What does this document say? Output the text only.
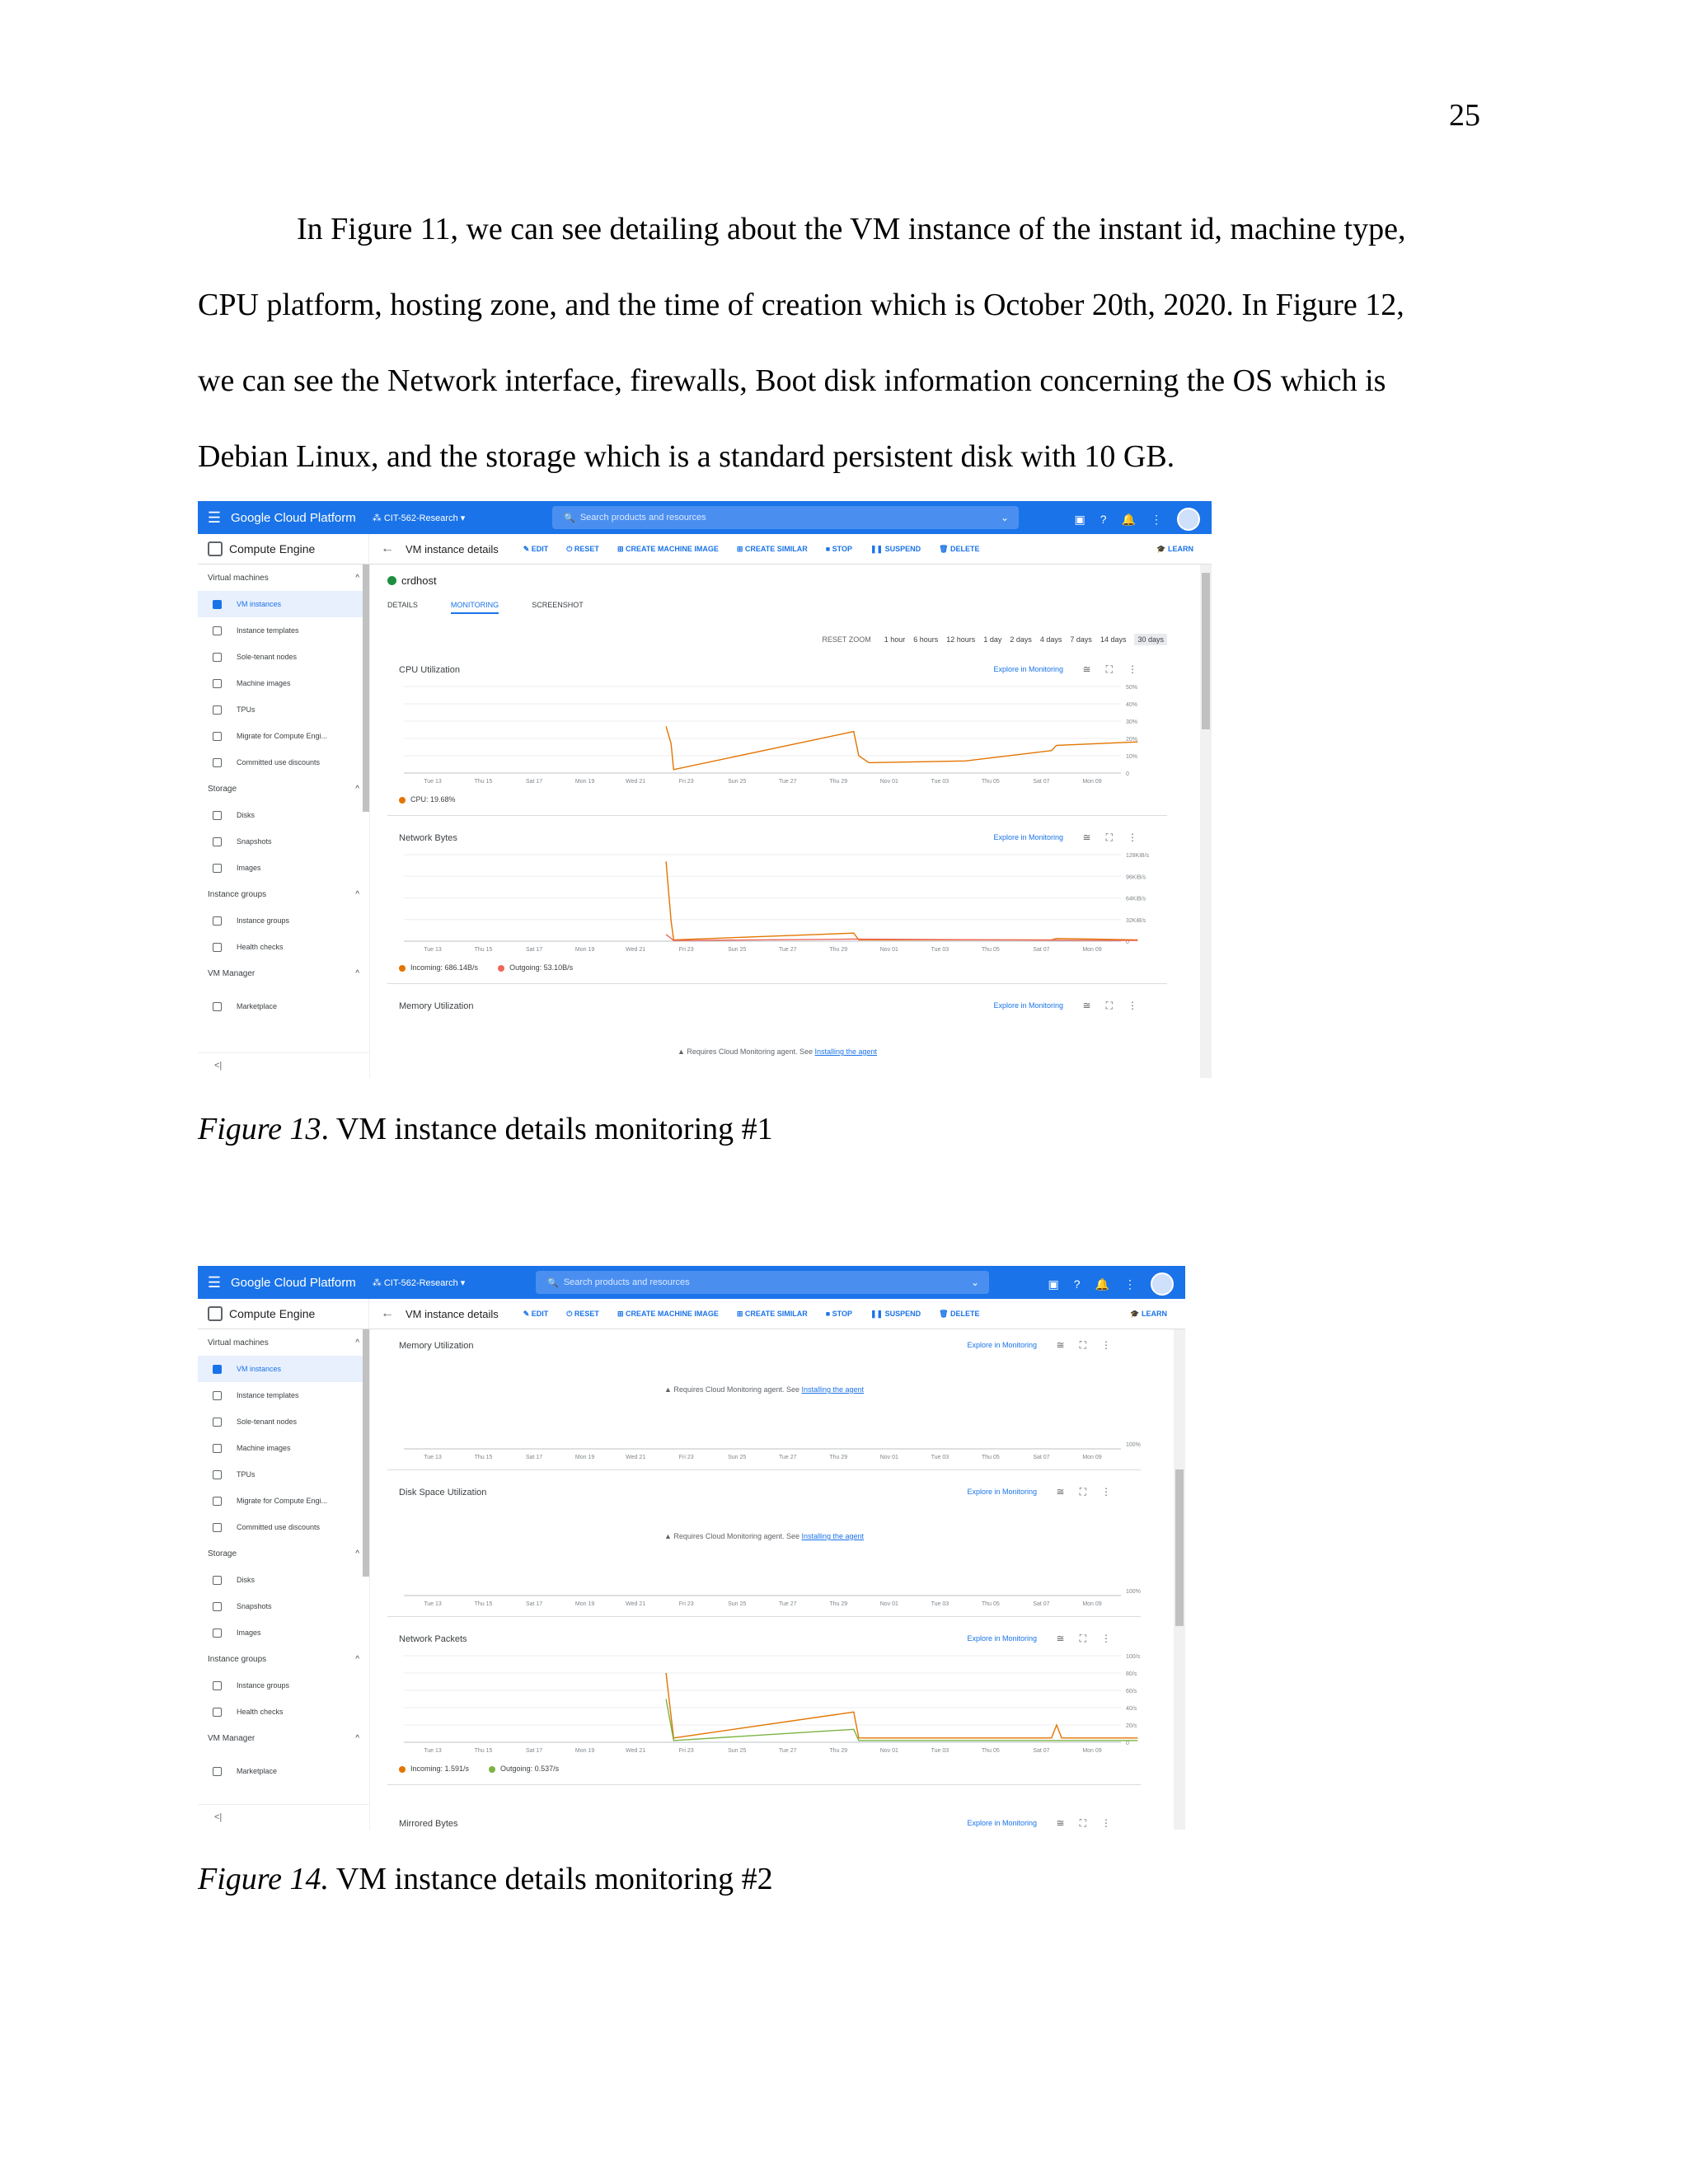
25

In Figure 11, we can see detailing about the VM instance of the instant id, machine type,
CPU platform, hosting zone, and the time of creation which is October 20th, 2020. In Figure 12,
we can see the Network interface, firewalls, Boot disk information concerning the OS which is
Debian Linux, and the storage which is a standard persistent disk with 10 GB.

☰ Google Cloud Platform ⁂ CIT-562-Research ▾	🔍 Search products and resources	⌄	▣ ? 🔔 ⋮
Compute Engine	← VM instance details	✎ EDIT ⏻ RESET ⊞ CREATE MACHINE IMAGE ⊞ CREATE SIMILAR ■ STOP ❚❚ SUSPEND 🗑 DELETE	🎓 LEARN
Virtual machines	^
VM instances
Instance templates
Sole-tenant nodes
Machine images
TPUs
Migrate for Compute Engi...
Committed use discounts
Storage	^
Disks
Snapshots
Images
Instance groups	^
Instance groups
Health checks
VM Manager	^
Marketplace
<|
crdhost
DETAILS	MONITORING	SCREENSHOT
RESET ZOOM 1 hour 6 hours 12 hours 1 day 2 days 4 days 7 days 14 days	30 days
CPU Utilization	Explore in Monitoring ≅⛶⋮
50%
40%
30%
20%
10%
0
Tue 13	Thu 15	Sat 17	Mon 19	Wed 21	Fri 23	Sun 25	Tue 27	Thu 29	Nov 01	Tue 03	Thu 05	Sat 07	Mon 09
CPU: 19.68%
Network Bytes	Explore in Monitoring ≅⛶⋮
128KiB/s
96KiB/s
64KiB/s
32KiB/s
0
Tue 13	Thu 15	Sat 17	Mon 19	Wed 21	Fri 23	Sun 25	Tue 27	Thu 29	Nov 01	Tue 03	Thu 05	Sat 07	Mon 09
Incoming: 686.14B/s	Outgoing: 53.10B/s
Memory Utilization	Explore in Monitoring ≅⛶⋮
▲ Requires Cloud Monitoring agent. See Installing the agent
Figure 13. VM instance details monitoring #1
☰ Google Cloud Platform ⁂ CIT-562-Research ▾	🔍 Search products and resources	⌄	▣ ? 🔔 ⋮
Compute Engine	← VM instance details	✎ EDIT ⏻ RESET ⊞ CREATE MACHINE IMAGE ⊞ CREATE SIMILAR ■ STOP ❚❚ SUSPEND 🗑 DELETE	🎓 LEARN
Virtual machines	^
VM instances
Instance templates
Sole-tenant nodes
Machine images
TPUs
Migrate for Compute Engi...
Committed use discounts
Storage	^
Disks
Snapshots
Images
Instance groups	^
Instance groups
Health checks
VM Manager	^
Marketplace
<|
Memory Utilization	Explore in Monitoring ≅⛶⋮
▲ Requires Cloud Monitoring agent. See Installing the agent
100%
Tue 13	Thu 15	Sat 17	Mon 19	Wed 21	Fri 23	Sun 25	Tue 27	Thu 29	Nov 01	Tue 03	Thu 05	Sat 07	Mon 09
Disk Space Utilization	Explore in Monitoring ≅⛶⋮
▲ Requires Cloud Monitoring agent. See Installing the agent
100%
Tue 13	Thu 15	Sat 17	Mon 19	Wed 21	Fri 23	Sun 25	Tue 27	Thu 29	Nov 01	Tue 03	Thu 05	Sat 07	Mon 09
Network Packets	Explore in Monitoring ≅⛶⋮
100/s
80/s
60/s
40/s
20/s
0
Tue 13	Thu 15	Sat 17	Mon 19	Wed 21	Fri 23	Sun 25	Tue 27	Thu 29	Nov 01	Tue 03	Thu 05	Sat 07	Mon 09
Incoming: 1.591/s	Outgoing: 0.537/s
Mirrored Bytes	Explore in Monitoring ≅⛶⋮
Figure 14. VM instance details monitoring #2
